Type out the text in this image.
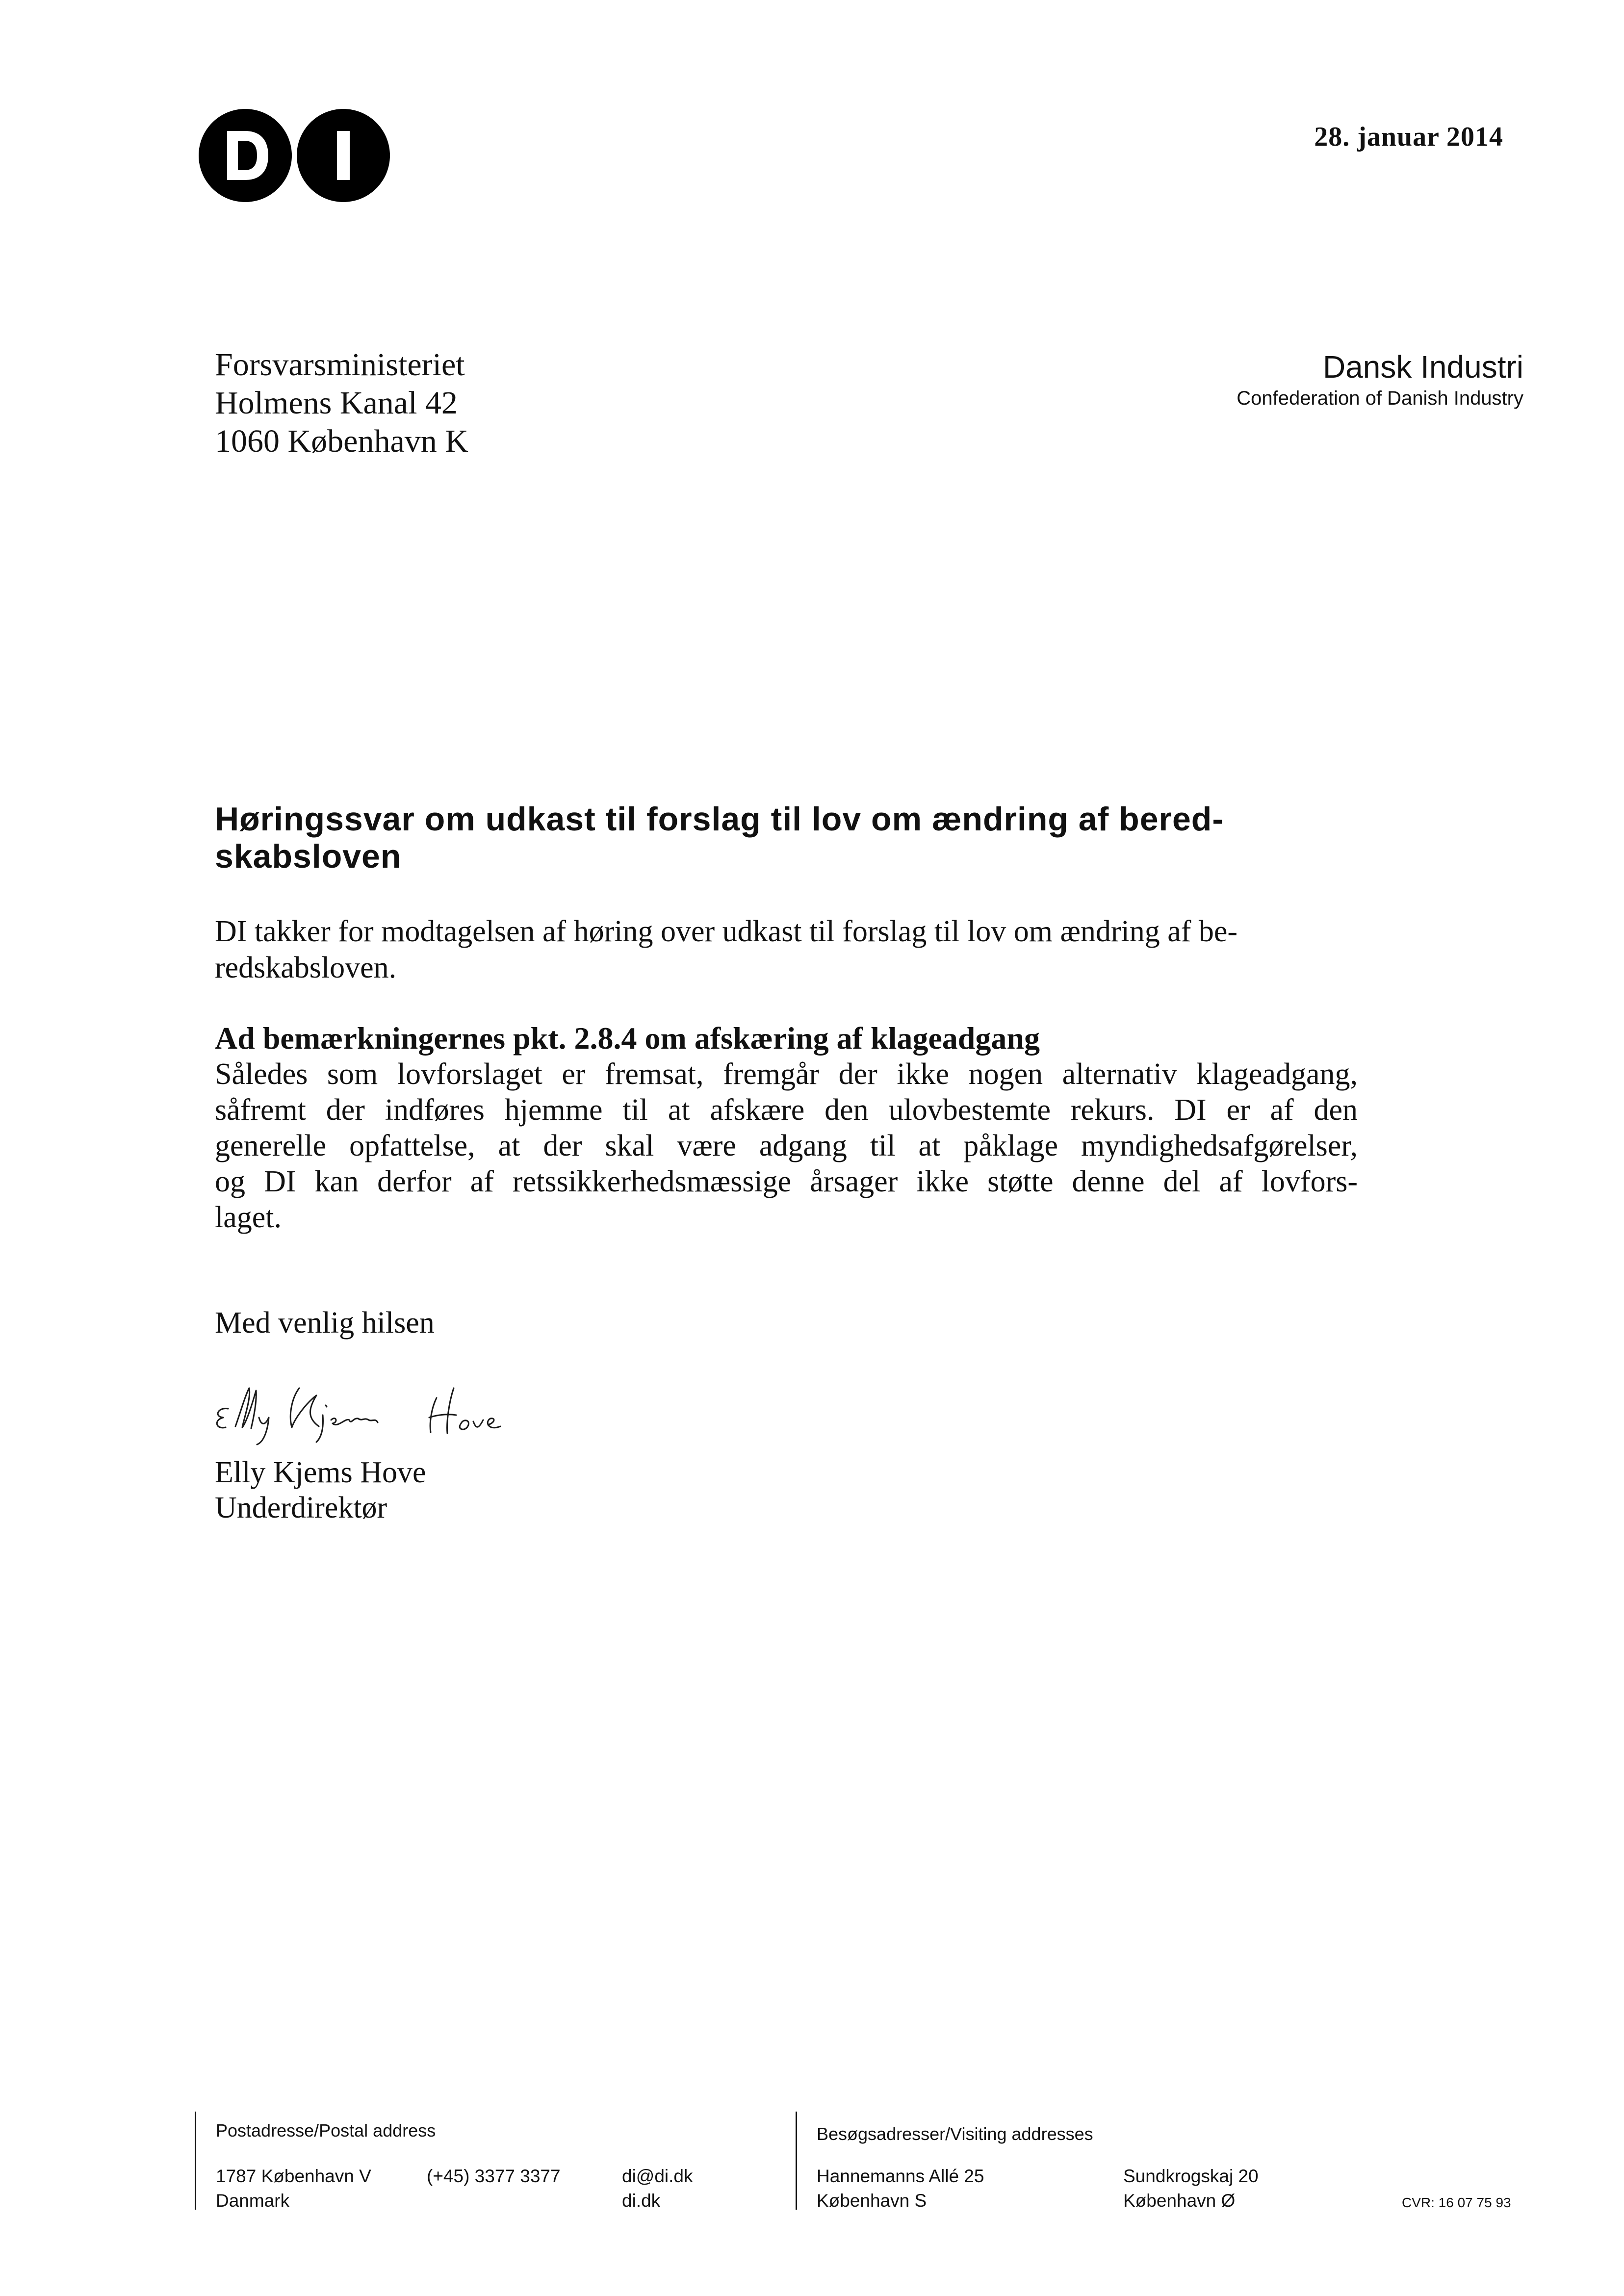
28. januar 2014
Forsvarsministeriet
Holmens Kanal 42
1060 København K
Dansk Industri
Confederation of Danish Industry
Høringssvar om udkast til forslag til lov om ændring af bered-
skabsloven
DI takker for modtagelsen af høring over udkast til forslag til lov om ændring af be-
redskabsloven.
Ad bemærkningernes pkt. 2.8.4 om afskæring af klageadgang
Således som lovforslaget er fremsat, fremgår der ikke nogen alternativ klageadgang,
såfremt der indføres hjemme til at afskære den ulovbestemte rekurs. DI er af den
generelle opfattelse, at der skal være adgang til at påklage myndighedsafgørelser,
og DI kan derfor af retssikkerhedsmæssige årsager ikke støtte denne del af lovfors-
laget.
Med venlig hilsen
Elly Kjems Hove
Underdirektør
Postadresse/Postal address
1787 København V
Danmark
(+45) 3377 3377	di@di.dk
di.dk
Besøgsadresser/Visiting addresses
Hannemanns Allé 25
København S
Sundkrogskaj 20
København Ø	CVR: 16 07 75 93
